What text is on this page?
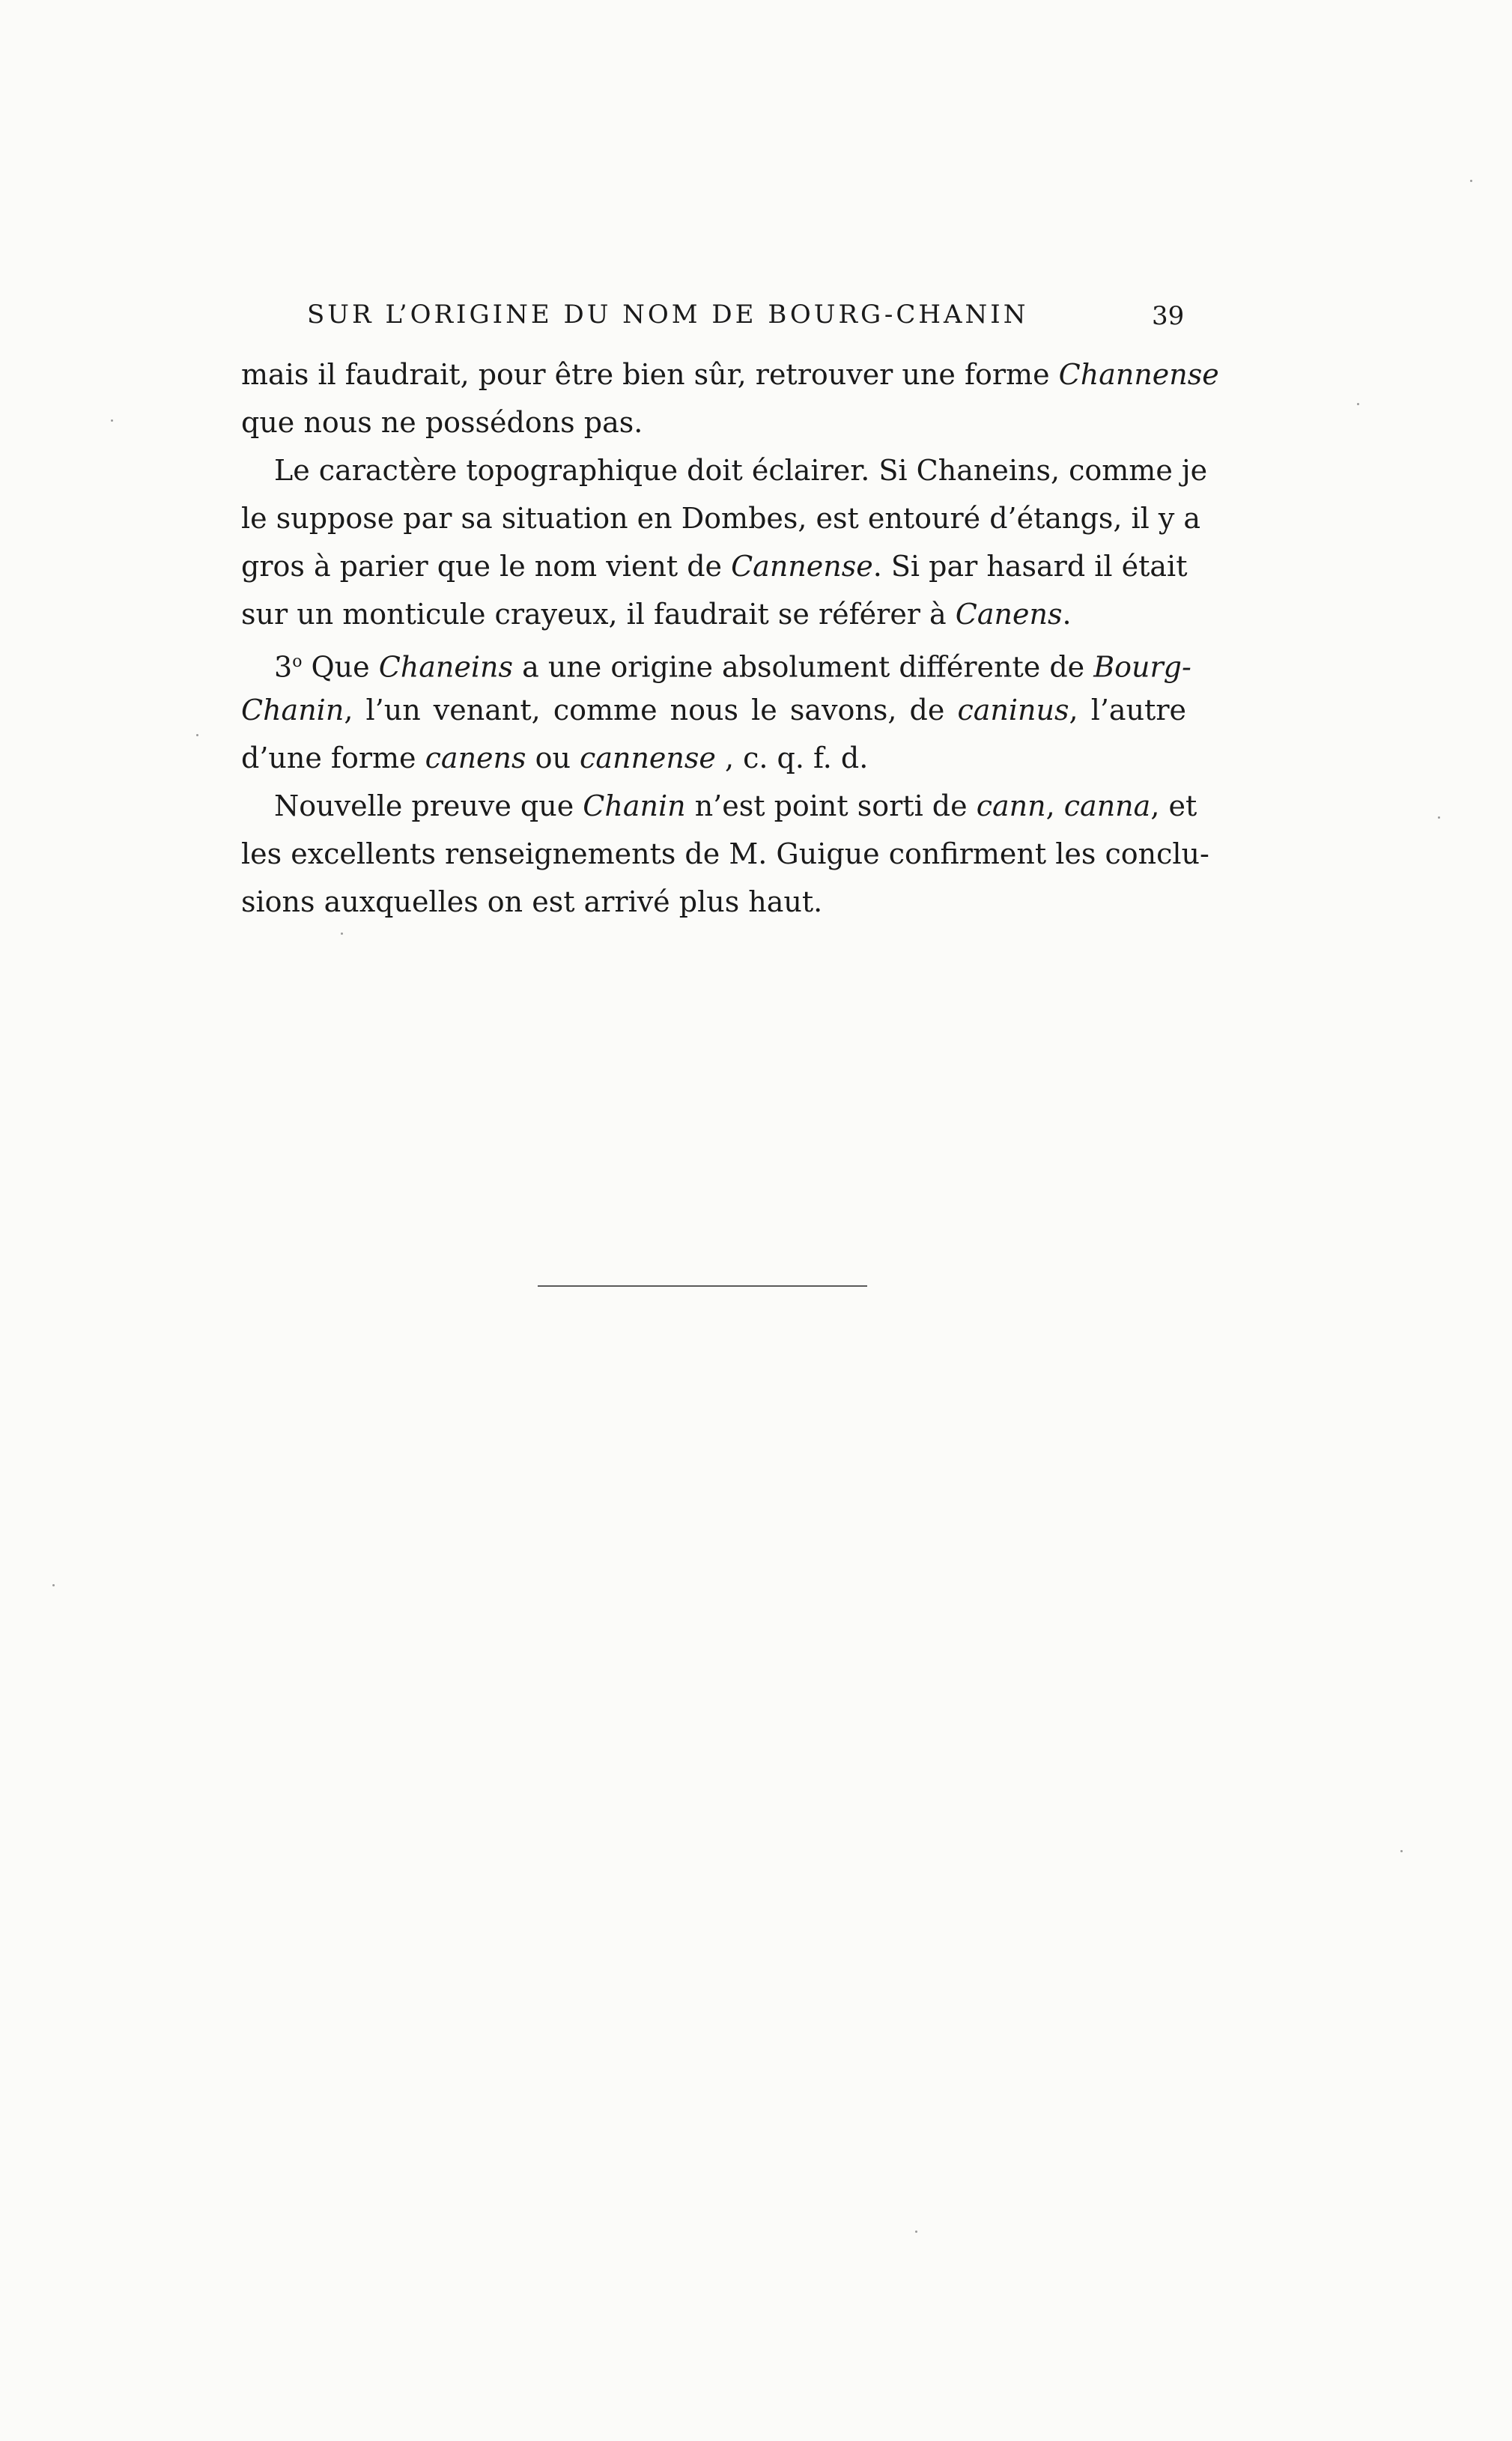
SUR L’ORIGINE DU NOM DE BOURG-CHANIN	39
mais il faudrait, pour être bien sûr, retrouver une forme Channense
que nous ne possédons pas.
Le caractère topographique doit éclairer. Si Chaneins, comme je
le suppose par sa situation en Dombes, est entouré d’étangs, il y a
gros à parier que le nom vient de Cannense. Si par hasard il était
sur un monticule crayeux, il faudrait se référer à Canens.
3$^o$ Que Chaneins a une origine absolument différente de Bourg-
Chanin, l’un venant, comme nous le savons, de caninus, l’autre
d’une forme canens ou cannense , c. q. f. d.
Nouvelle preuve que Chanin n’est point sorti de cann, canna, et
les excellents renseignements de M. Guigue confirment les conclu-
sions auxquelles on est arrivé plus haut.
